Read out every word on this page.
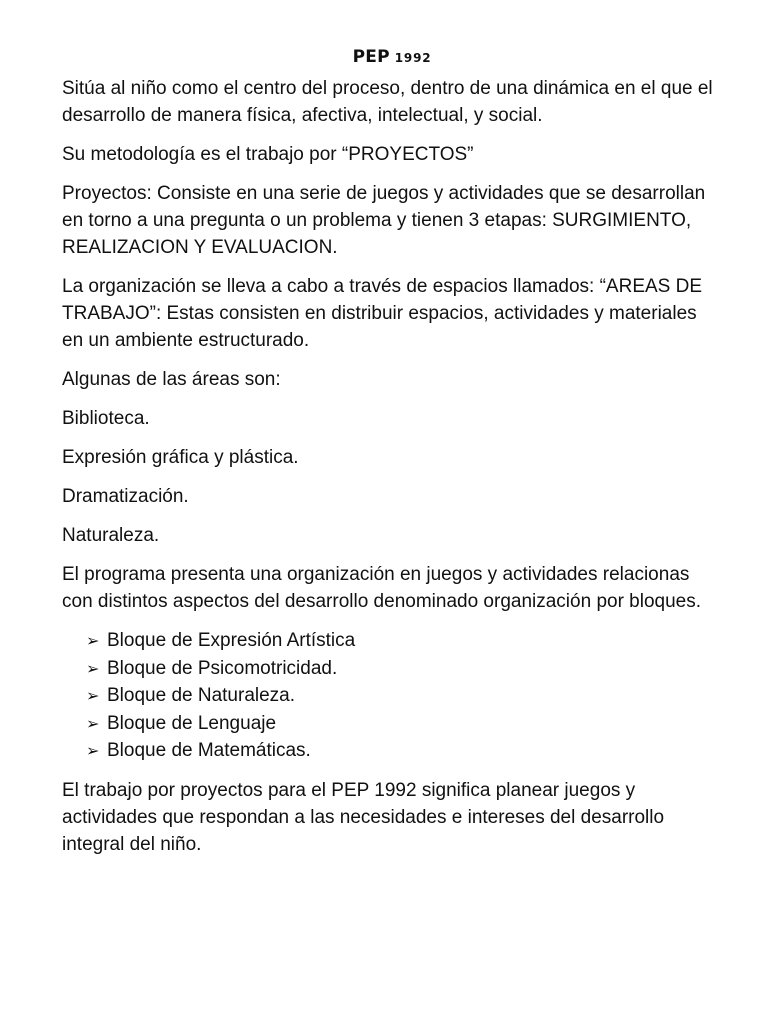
PEP 1992

Sitúa al niño como el centro del proceso, dentro de una dinámica en el que el desarrollo de manera física, afectiva, intelectual, y social.

Su metodología es el trabajo por “PROYECTOS”

Proyectos: Consiste en una serie de juegos y actividades que se desarrollan en torno a una pregunta o un problema y tienen 3 etapas: SURGIMIENTO, REALIZACION Y EVALUACION.

La organización se lleva a cabo a través de espacios llamados: “AREAS DE TRABAJO”: Estas consisten en distribuir espacios, actividades y materiales en un ambiente estructurado.

Algunas de las áreas son:

Biblioteca.

Expresión gráfica y plástica.

Dramatización.

Naturaleza.

El programa presenta una organización en juegos y actividades relacionas con distintos aspectos del desarrollo denominado organización por bloques.

➢ Bloque de Expresión Artística
➢ Bloque de Psicomotricidad.
➢ Bloque de Naturaleza.
➢ Bloque de Lenguaje
➢ Bloque de Matemáticas.

El trabajo por proyectos para el PEP 1992 significa planear juegos y actividades que respondan a las necesidades e intereses del desarrollo integral del niño.
